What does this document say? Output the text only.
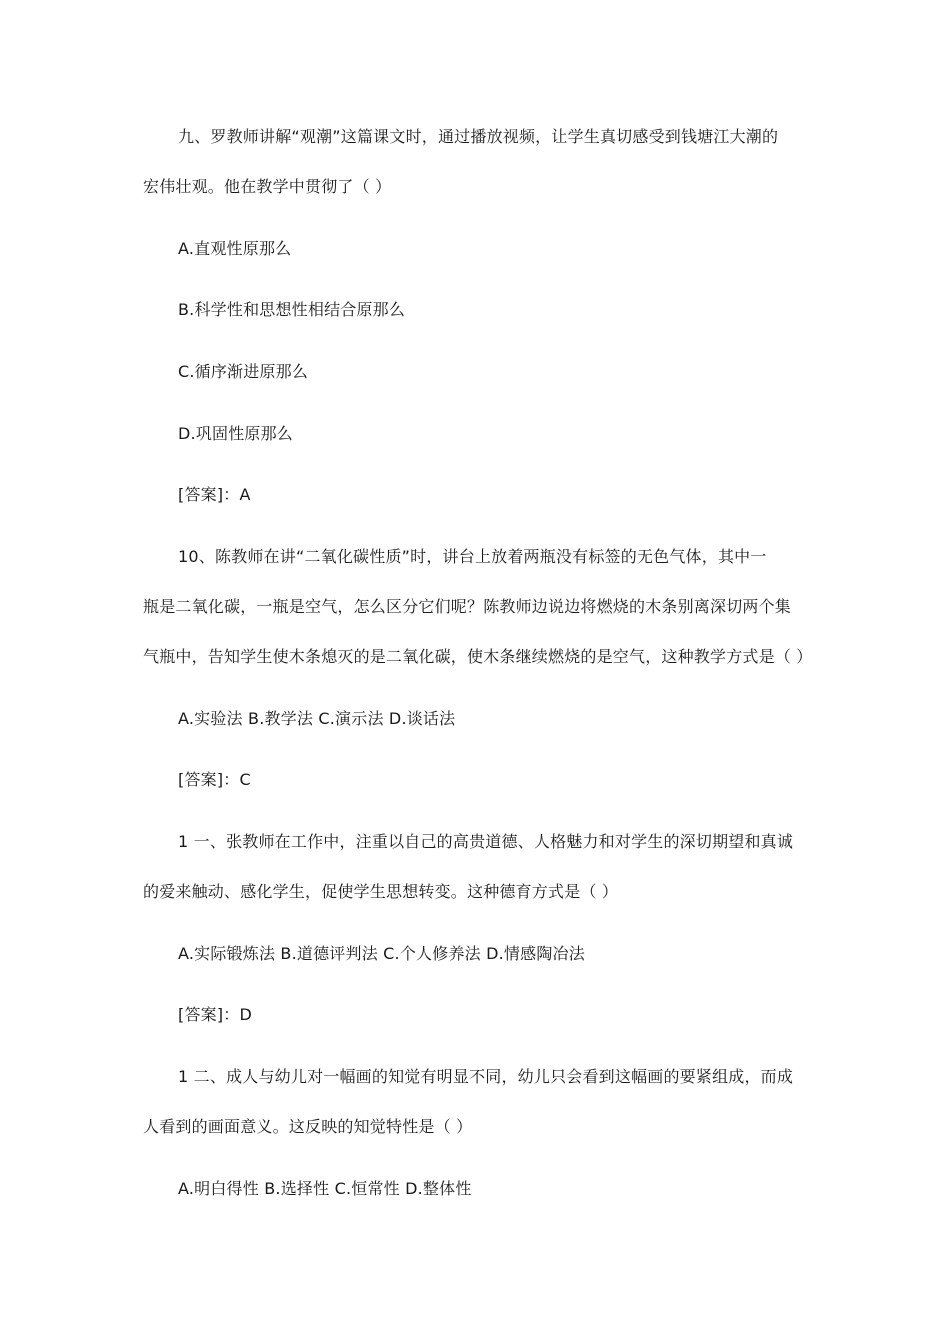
九、罗教师讲解“观潮”这篇课文时，通过播放视频，让学生真切感受到钱塘江大潮的
宏伟壮观。他在教学中贯彻了（ ）
A.直观性原那么
B.科学性和思想性相结合原那么
C.循序渐进原那么
D.巩固性原那么
[答案]：A
10、陈教师在讲“二氧化碳性质”时，讲台上放着两瓶没有标签的无色气体，其中一
瓶是二氧化碳，一瓶是空气，怎么区分它们呢？陈教师边说边将燃烧的木条别离深切两个集
气瓶中，告知学生使木条熄灭的是二氧化碳，使木条继续燃烧的是空气，这种教学方式是（ ）
A.实验法 B.教学法 C.演示法 D.谈话法
[答案]：C
1 一、张教师在工作中，注重以自己的高贵道德、人格魅力和对学生的深切期望和真诚
的爱来触动、感化学生，促使学生思想转变。这种德育方式是（ ）
A.实际锻炼法 B.道德评判法 C.个人修养法 D.情感陶冶法
[答案]：D
1 二、成人与幼儿对一幅画的知觉有明显不同，幼儿只会看到这幅画的要紧组成，而成
人看到的画面意义。这反映的知觉特性是（ ）
A.明白得性 B.选择性 C.恒常性 D.整体性
